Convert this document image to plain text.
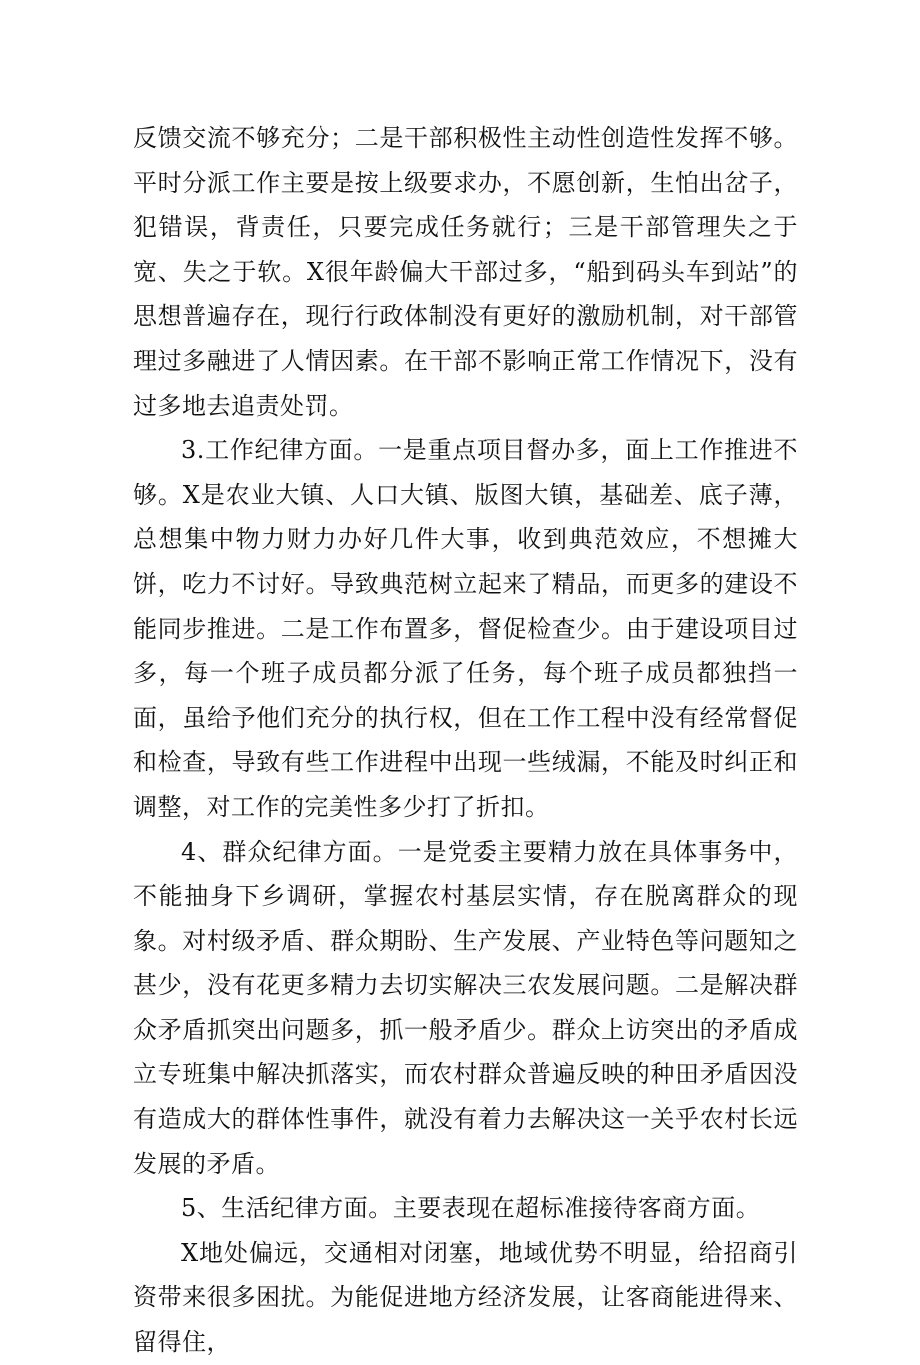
反馈交流不够充分；二是干部积极性主动性创造性发挥不够。平时分派工作主要是按上级要求办，不愿创新，生怕出岔子，犯错误，背责任，只要完成任务就行；三是干部管理失之于宽、失之于软。X很年龄偏大干部过多，“船到码头车到站”的思想普遍存在，现行行政体制没有更好的激励机制，对干部管理过多融进了人情因素。在干部不影响正常工作情况下，没有过多地去追责处罚。

3.工作纪律方面。一是重点项目督办多，面上工作推进不够。X是农业大镇、人口大镇、版图大镇，基础差、底子薄，总想集中物力财力办好几件大事，收到典范效应，不想摊大饼，吃力不讨好。导致典范树立起来了精品，而更多的建设不能同步推进。二是工作布置多，督促检查少。由于建设项目过多，每一个班子成员都分派了任务，每个班子成员都独挡一面，虽给予他们充分的执行权，但在工作工程中没有经常督促和检查，导致有些工作进程中出现一些绒漏，不能及时纠正和调整，对工作的完美性多少打了折扣。

4、群众纪律方面。一是党委主要精力放在具体事务中，不能抽身下乡调研，掌握农村基层实情，存在脱离群众的现象。对村级矛盾、群众期盼、生产发展、产业特色等问题知之甚少，没有花更多精力去切实解决三农发展问题。二是解决群众矛盾抓突出问题多，抓一般矛盾少。群众上访突出的矛盾成立专班集中解决抓落实，而农村群众普遍反映的种田矛盾因没有造成大的群体性事件，就没有着力去解决这一关乎农村长远发展的矛盾。

5、生活纪律方面。主要表现在超标准接待客商方面。

X地处偏远，交通相对闭塞，地域优势不明显，给招商引资带来很多困扰。为能促进地方经济发展，让客商能进得来、留得住，
